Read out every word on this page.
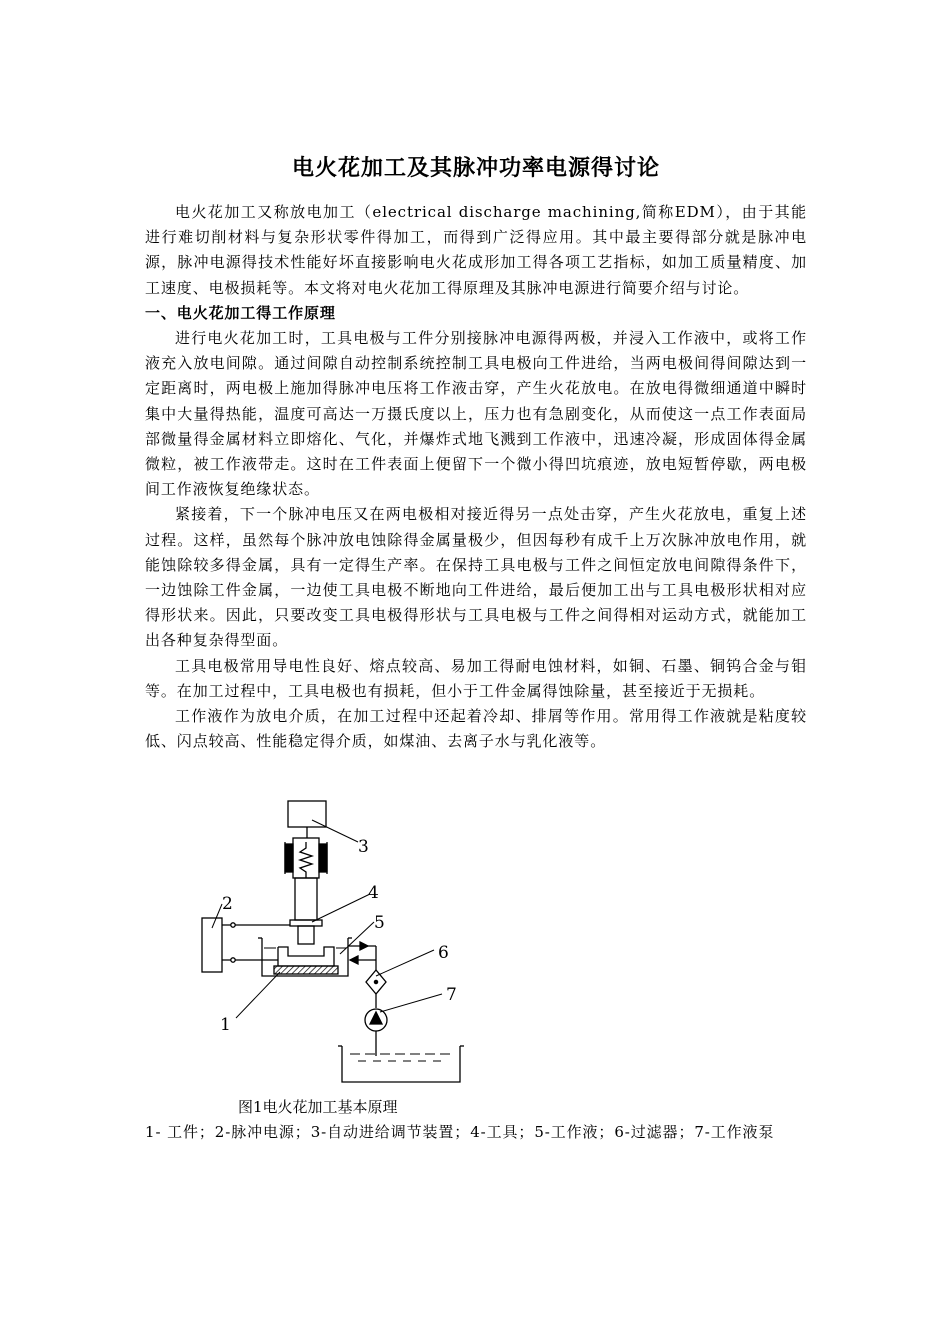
电火花加工及其脉冲功率电源得讨论

电火花加工又称放电加工（electrical discharge machining,简称EDM），由于其能进行难切削材料与复杂形状零件得加工，而得到广泛得应用。其中最主要得部分就是脉冲电源，脉冲电源得技术性能好坏直接影响电火花成形加工得各项工艺指标，如加工质量精度、加工速度、电极损耗等。本文将对电火花加工得原理及其脉冲电源进行简要介绍与讨论。

一、电火花加工得工作原理

进行电火花加工时，工具电极与工件分别接脉冲电源得两极，并浸入工作液中，或将工作液充入放电间隙。通过间隙自动控制系统控制工具电极向工件进给，当两电极间得间隙达到一定距离时，两电极上施加得脉冲电压将工作液击穿，产生火花放电。在放电得微细通道中瞬时集中大量得热能，温度可高达一万摄氏度以上，压力也有急剧变化，从而使这一点工作表面局部微量得金属材料立即熔化、气化，并爆炸式地飞溅到工作液中，迅速冷凝，形成固体得金属微粒，被工作液带走。这时在工件表面上便留下一个微小得凹坑痕迹，放电短暂停歇，两电极间工作液恢复绝缘状态。

紧接着，下一个脉冲电压又在两电极相对接近得另一点处击穿，产生火花放电，重复上述过程。这样，虽然每个脉冲放电蚀除得金属量极少，但因每秒有成千上万次脉冲放电作用，就能蚀除较多得金属，具有一定得生产率。在保持工具电极与工件之间恒定放电间隙得条件下，一边蚀除工件金属，一边使工具电极不断地向工件进给，最后便加工出与工具电极形状相对应得形状来。因此，只要改变工具电极得形状与工具电极与工件之间得相对运动方式，就能加工出各种复杂得型面。

工具电极常用导电性良好、熔点较高、易加工得耐电蚀材料，如铜、石墨、铜钨合金与钼等。在加工过程中，工具电极也有损耗，但小于工件金属得蚀除量，甚至接近于无损耗。

工作液作为放电介质，在加工过程中还起着冷却、排屑等作用。常用得工作液就是粘度较低、闪点较高、性能稳定得介质，如煤油、去离子水与乳化液等。

3
4
5
2
6
7
1
图1电火花加工基本原理
1- 工件；2-脉冲电源；3-自动进给调节装置；4-工具；5-工作液；6-过滤器；7-工作液泵
